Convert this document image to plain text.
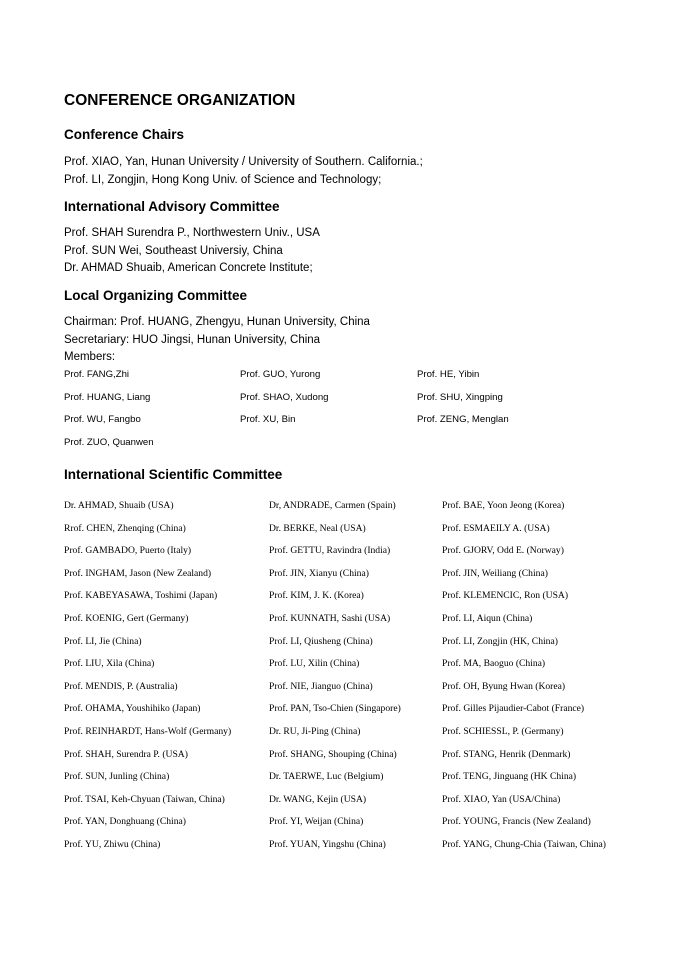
CONFERENCE ORGANIZATION
Conference Chairs
Prof. XIAO, Yan, Hunan University / University of Southern. California.;
Prof. LI, Zongjin, Hong Kong Univ. of Science and Technology;
International Advisory Committee
Prof. SHAH Surendra P., Northwestern Univ., USA
Prof. SUN Wei, Southeast Universiy, China
Dr. AHMAD Shuaib, American Concrete Institute;
Local Organizing Committee
Chairman: Prof. HUANG, Zhengyu, Hunan University, China
Secretariary: HUO Jingsi, Hunan University, China
Members:
Prof. FANG,Zhi	Prof. GUO, Yurong	Prof. HE, Yibin
Prof. HUANG, Liang	Prof. SHAO, Xudong	Prof. SHU, Xingping
Prof. WU, Fangbo	Prof. XU, Bin	Prof. ZENG, Menglan
Prof. ZUO, Quanwen
International Scientific Committee
Dr. AHMAD, Shuaib (USA)	Dr, ANDRADE, Carmen (Spain)	Prof. BAE, Yoon Jeong (Korea)
Rrof. CHEN, Zhenqing (China)	Dr. BERKE, Neal (USA)	Prof. ESMAEILY A. (USA)
Prof. GAMBADO, Puerto (Italy)	Prof. GETTU, Ravindra (India)	Prof. GJORV, Odd E. (Norway)
Prof. INGHAM, Jason (New Zealand)	Prof. JIN, Xianyu (China)	Prof. JIN, Weiliang (China)
Prof. KABEYASAWA, Toshimi (Japan)	Prof. KIM, J. K. (Korea)	Prof. KLEMENCIC, Ron (USA)
Prof. KOENIG, Gert (Germany)	Prof. KUNNATH, Sashi (USA)	Prof. LI, Aiqun (China)
Prof. LI, Jie (China)	Prof. LI, Qiusheng (China)	Prof. LI, Zongjin (HK, China)
Prof. LIU, Xila (China)	Prof. LU, Xilin (China)	Prof. MA, Baoguo (China)
Prof. MENDIS, P. (Australia)	Prof. NIE, Jianguo (China)	Prof. OH, Byung Hwan (Korea)
Prof. OHAMA, Youshihiko (Japan)	Prof. PAN, Tso-Chien (Singapore)	Prof. Gilles Pijaudier-Cabot (France)
Prof. REINHARDT, Hans-Wolf (Germany)	Dr. RU, Ji-Ping (China)	Prof. SCHIESSL, P. (Germany)
Prof. SHAH, Surendra P. (USA)	Prof. SHANG, Shouping (China)	Prof. STANG, Henrik (Denmark)
Prof. SUN, Junling (China)	Dr. TAERWE, Luc (Belgium)	Prof. TENG, Jinguang (HK China)
Prof. TSAI, Keh-Chyuan (Taiwan, China)	Dr. WANG, Kejin (USA)	Prof. XIAO, Yan (USA/China)
Prof. YAN, Donghuang (China)	Prof. YI, Weijan (China)	Prof. YOUNG, Francis (New Zealand)
Prof. YU, Zhiwu (China)	Prof. YUAN, Yingshu (China)	Prof. YANG, Chung-Chia (Taiwan, China)
